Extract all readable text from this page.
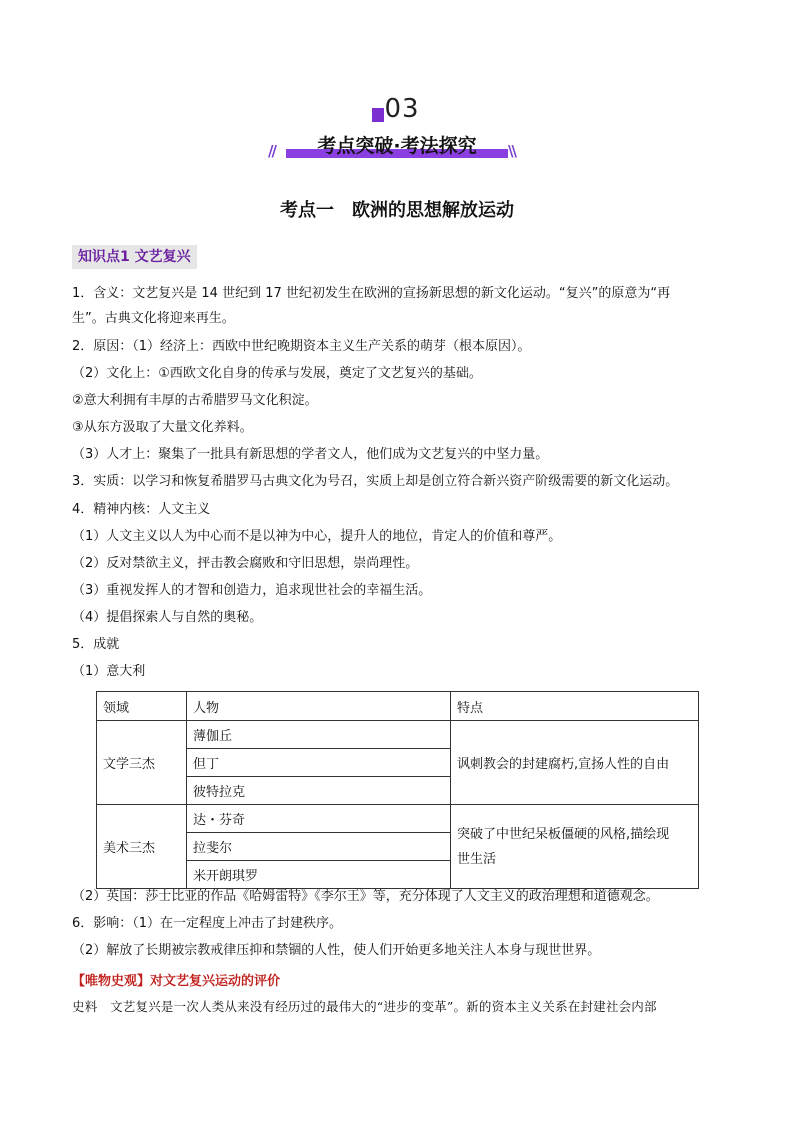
03
考点突破·考法探究
//	\\
考点一　欧洲的思想解放运动
知识点1 文艺复兴
1．含义：文艺复兴是 14 世纪到 17 世纪初发生在欧洲的宣扬新思想的新文化运动。“复兴”的原意为“再
生”。古典文化将迎来再生。
2．原因：（1）经济上：西欧中世纪晚期资本主义生产关系的萌芽（根本原因）。
（2）文化上：①西欧文化自身的传承与发展，奠定了文艺复兴的基础。
②意大利拥有丰厚的古希腊罗马文化积淀。
③从东方汲取了大量文化养料。
（3）人才上：聚集了一批具有新思想的学者文人，他们成为文艺复兴的中坚力量。
3．实质：以学习和恢复希腊罗马古典文化为号召，实质上却是创立符合新兴资产阶级需要的新文化运动。
4．精神内核：人文主义
（1）人文主义以人为中心而不是以神为中心，提升人的地位，肯定人的价值和尊严。
（2）反对禁欲主义，抨击教会腐败和守旧思想，崇尚理性。
（3）重视发挥人的才智和创造力，追求现世社会的幸福生活。
（4）提倡探索人与自然的奥秘。
5．成就
（1）意大利
领域	人物	特点
文学三杰	薄伽丘	讽刺教会的封建腐朽,宣扬人性的自由
	但丁	
	彼特拉克	
美术三杰	达・芬奇	突破了中世纪呆板僵硬的风格,描绘现
世生活
	拉斐尔	
	米开朗琪罗	
（2）英国：莎士比亚的作品《哈姆雷特》《李尔王》等，充分体现了人文主义的政治理想和道德观念。
6．影响：（1）在一定程度上冲击了封建秩序。
（2）解放了长期被宗教戒律压抑和禁锢的人性，使人们开始更多地关注人本身与现世世界。
【唯物史观】对文艺复兴运动的评价
史料　文艺复兴是一次人类从来没有经历过的最伟大的“进步的变革”。新的资本主义关系在封建社会内部
